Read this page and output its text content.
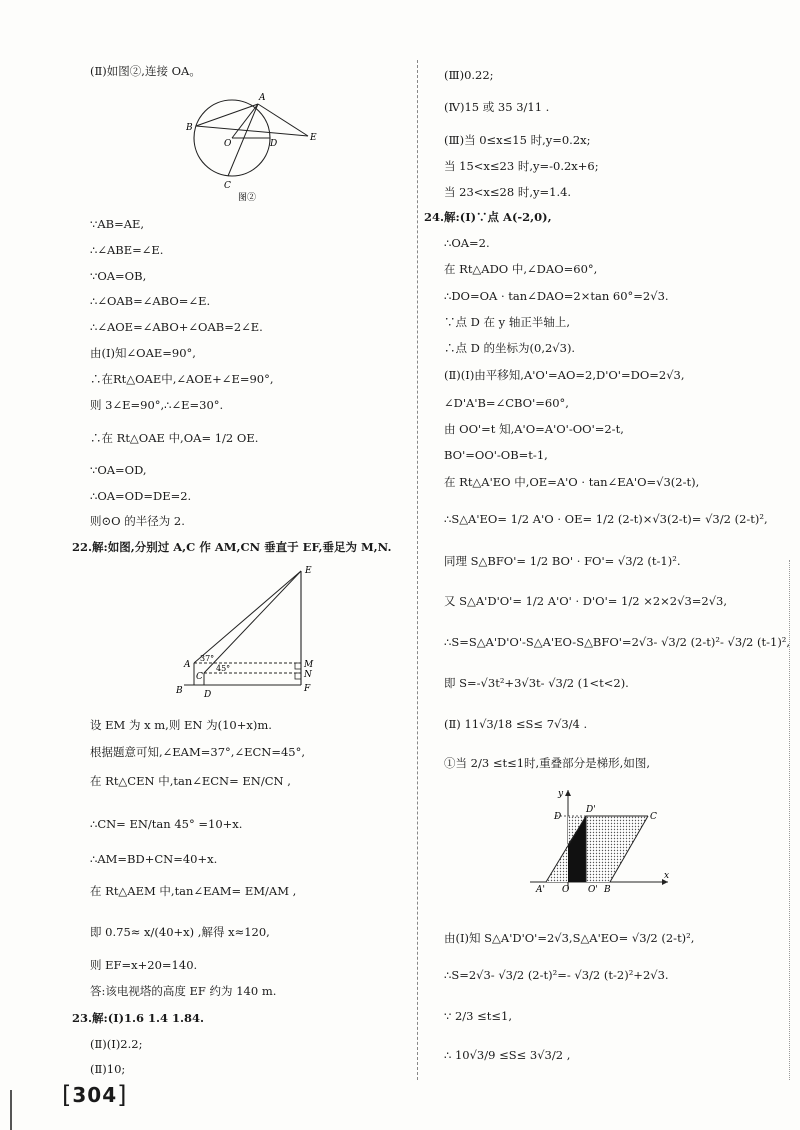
(Ⅱ)如图②,连接 OA。
A
B
O	D
E
C
图②
∵AB=AE,
∴∠ABE=∠E.
∵OA=OB,
∴∠OAB=∠ABO=∠E.
∴∠AOE=∠ABO+∠OAB=2∠E.
由(Ⅰ)知∠OAE=90°,
∴在Rt△OAE中,∠AOE+∠E=90°,
则 3∠E=90°,∴∠E=30°.
∴在 Rt△OAE 中,OA= 1/2 OE.
∵OA=OD,
∴OA=OD=DE=2.
则⊙O 的半径为 2.
22.解:如图,分别过 A,C 作 AM,CN 垂直于 EF,垂足为 M,N.
E
A
C
B D
M
N
F
37°
45°
设 EM 为 x m,则 EN 为(10+x)m.
根据题意可知,∠EAM=37°,∠ECN=45°,
在 Rt△CEN 中,tan∠ECN= EN/CN ,
∴CN= EN/tan 45° =10+x.
∴AM=BD+CN=40+x.
在 Rt△AEM 中,tan∠EAM= EM/AM ,
即 0.75≈ x/(40+x) ,解得 x≈120,
则 EF=x+20=140.
答:该电视塔的高度 EF 约为 140 m.
23.解:(Ⅰ)1.6 1.4 1.84.
(Ⅱ)(Ⅰ)2.2;
(Ⅱ)10;
(Ⅲ)0.22;
(Ⅳ)15 或 35 3/11 .
(Ⅲ)当 0≤x≤15 时,y=0.2x;
当 15<x≤23 时,y=-0.2x+6;
当 23<x≤28 时,y=1.4.
24.解:(Ⅰ)∵点 A(-2,0),
∴OA=2.
在 Rt△ADO 中,∠DAO=60°,
∴DO=OA · tan∠DAO=2×tan 60°=2√3.
∵点 D 在 y 轴正半轴上,
∴点 D 的坐标为(0,2√3).
(Ⅱ)(Ⅰ)由平移知,A'O'=AO=2,D'O'=DO=2√3,
∠D'A'B=∠CBO'=60°,
由 OO'=t 知,A'O=A'O'-OO'=2-t,
BO'=OO'-OB=t-1,
在 Rt△A'EO 中,OE=A'O · tan∠EA'O=√3(2-t),
∴S△A'EO= 1/2 A'O · OE= 1/2 (2-t)×√3(2-t)= √3/2 (2-t)²,
同理 S△BFO'= 1/2 BO' · FO'= √3/2 (t-1)².
又 S△A'D'O'= 1/2 A'O' · D'O'= 1/2 ×2×2√3=2√3,
∴S=S△A'D'O'-S△A'EO-S△BFO'=2√3- √3/2 (2-t)²- √3/2 (t-1)²,
即 S=-√3t²+3√3t- √3/2 (1<t<2).
(Ⅱ) 11√3/18 ≤S≤ 7√3/4 .
①当 2/3 ≤t≤1时,重叠部分是梯形,如图,
y
D'
D	C
A' O O' B
x
由(Ⅰ)知 S△A'D'O'=2√3,S△A'EO= √3/2 (2-t)²,
∴S=2√3- √3/2 (2-t)²=- √3/2 (t-2)²+2√3.
∵ 2/3 ≤t≤1,
∴ 10√3/9 ≤S≤ 3√3/2 ,
[304]
